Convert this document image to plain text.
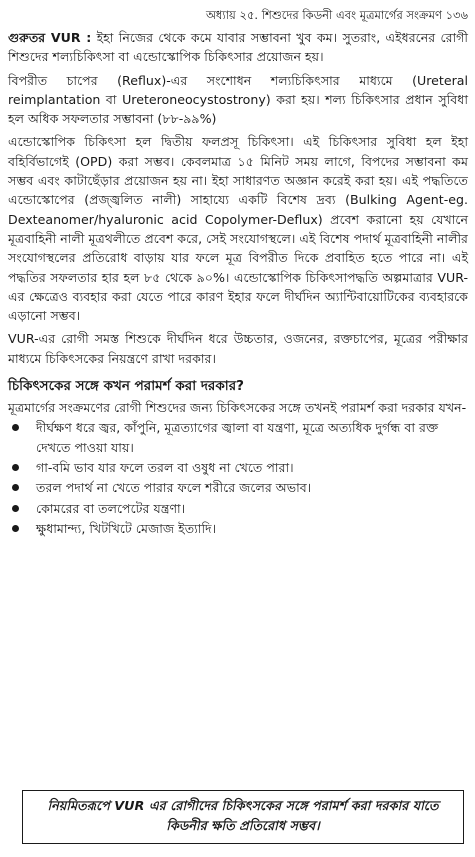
অধ্যায় ২৫. শিশুদের কিডনী এবং মূত্রমার্গের সংক্রমণ ১৩৬

গুরুতর VUR : ইহা নিজের থেকে কমে যাবার সম্ভাবনা খুব কম। সুতরাং, এইধরনের রোগী শিশুদের শল্যচিকিৎসা বা এন্ডোস্কোপিক চিকিৎসার প্রয়োজন হয়।

বিপরীত চাপের (Reflux)-এর সংশোধন শল্যচিকিৎসার মাধ্যমে (Ureteral reimplantation বা Ureteroneocystostrony) করা হয়। শল্য চিকিৎসার প্রধান সুবিধা হল অধিক সফলতার সম্ভাবনা (৮৮-৯৯%)

এন্ডোস্কোপিক চিকিৎসা হল দ্বিতীয় ফলপ্রসূ চিকিৎসা। এই চিকিৎসার সুবিধা হল ইহা বহির্বিভাগেই (OPD) করা সম্ভব। কেবলমাত্র ১৫ মিনিট সময় লাগে, বিপদের সম্ভাবনা কম সম্ভব এবং কাটাছেঁড়ার প্রয়োজন হয় না। ইহা সাধারণত অজ্ঞান করেই করা হয়। এই পদ্ধতিতে এন্ডোস্কোপের (প্রজ্জ্বলিত নালী) সাহায্যে একটি বিশেষ দ্রব্য (Bulking Agent-eg. Dexteanomer/hyaluronic acid Copolymer-Deflux) প্রবেশ করানো হয় যেখানে মূত্রবাহিনী নালী মূত্রথলীতে প্রবেশ করে, সেই সংযোগস্থলে। এই বিশেষ পদার্থ মূত্রবাহিনী নালীর সংযোগস্থলের প্রতিরোধ বাড়ায় যার ফলে মূত্র বিপরীত দিকে প্রবাহিত হতে পারে না। এই পদ্ধতির সফলতার হার হল ৮৫ থেকে ৯০%। এন্ডোস্কোপিক চিকিৎসাপদ্ধতি অল্পমাত্রার VUR-এর ক্ষেত্রেও ব্যবহার করা যেতে পারে কারণ ইহার ফলে দীর্ঘদিন অ্যান্টিবায়োটিকের ব্যবহারকে এড়ানো সম্ভব।

VUR-এর রোগী সমস্ত শিশুকে দীর্ঘদিন ধরে উচ্চতার, ওজনের, রক্তচাপের, মূত্রের পরীক্ষার মাধ্যমে চিকিৎসকের নিয়ন্ত্রণে রাখা দরকার।

চিকিৎসকের সঙ্গে কখন পরামর্শ করা দরকার?

মূত্রমার্গের সংক্রমণের রোগী শিশুদের জন্য চিকিৎসকের সঙ্গে তখনই পরামর্শ করা দরকার যখন-

দীর্ঘক্ষণ ধরে জ্বর, কাঁপুনি, মূত্রত্যাগের জ্বালা বা যন্ত্রণা, মূত্রে অত্যধিক দুর্গন্ধ বা রক্ত দেখতে পাওয়া যায়।
গা-বমি ভাব যার ফলে তরল বা ওষুধ না খেতে পারা।
তরল পদার্থ না খেতে পারার ফলে শরীরে জলের অভাব।
কোমরের বা তলপেটের যন্ত্রণা।
ক্ষুধামান্দ্য, খিটখিটে মেজাজ ইত্যাদি।
নিয়মিতরূপে VUR এর রোগীদের চিকিৎসকের সঙ্গে পরামর্শ করা দরকার যাতে কিডনীর ক্ষতি প্রতিরোধ সম্ভব।
